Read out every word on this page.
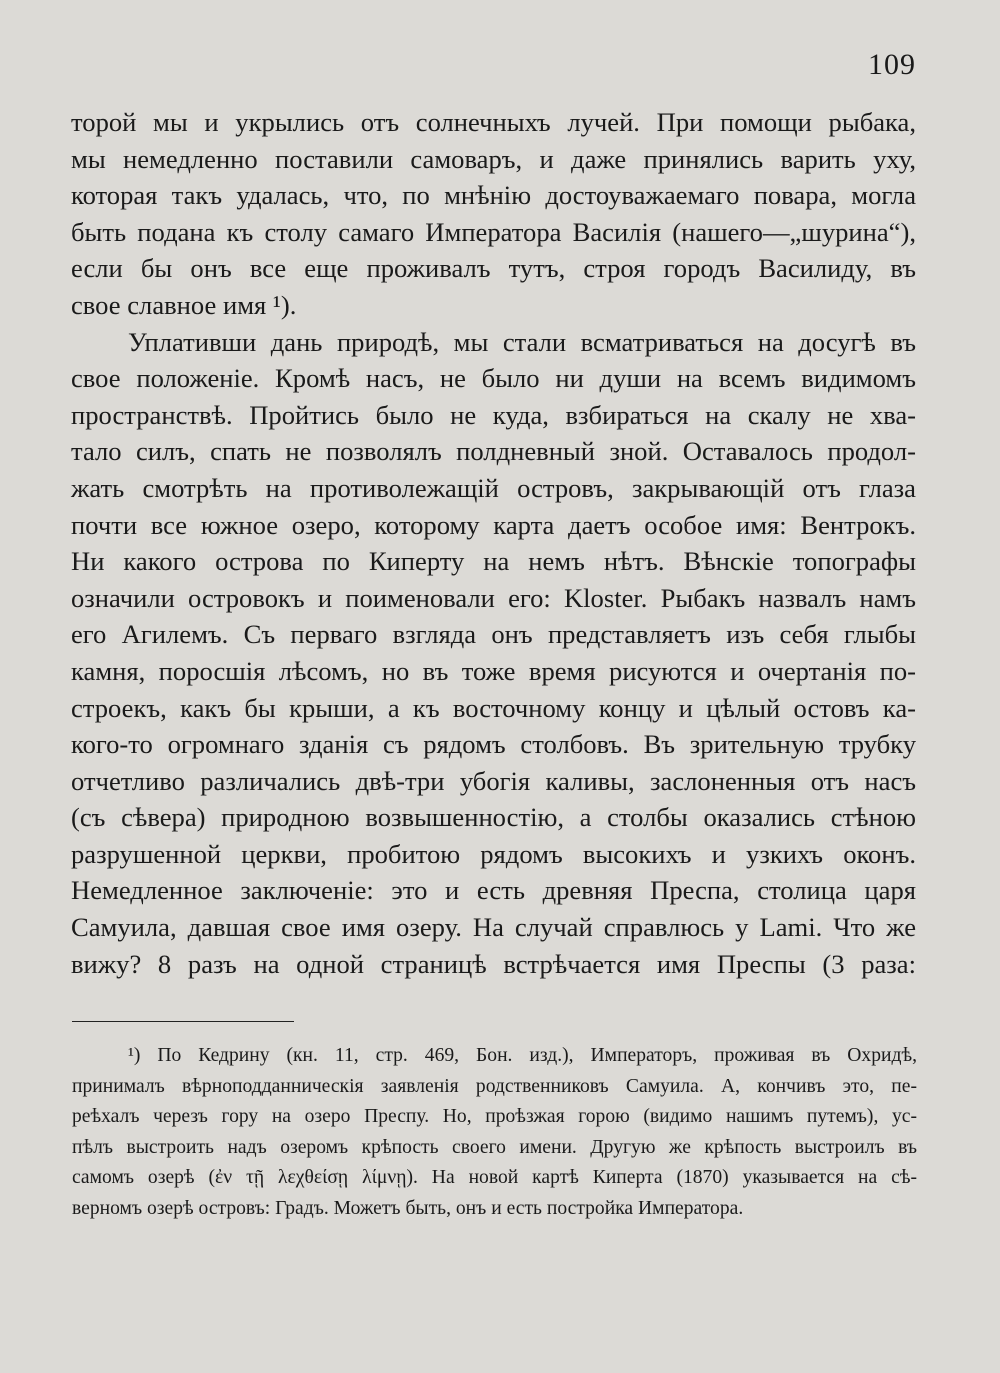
109
торой мы и укрылись отъ солнечныхъ лучей. При помощи рыбака,
мы немедленно поставили самоваръ, и даже принялись варить уху,
которая такъ удалась, что, по мнѣнію достоуважаемаго повара, могла
быть подана къ столу самаго Императора Василія (нашего—„шурина“),
если бы онъ все еще проживалъ тутъ, строя городъ Василиду, въ
свое славное имя ¹).
Уплативши дань природѣ, мы стали всматриваться на досугѣ въ
свое положеніе. Кромѣ насъ, не было ни души на всемъ видимомъ
пространствѣ. Пройтись было не куда, взбираться на скалу не хва-
тало силъ, спать не позволялъ полдневный зной. Оставалось продол-
жать смотрѣть на противолежащій островъ, закрывающій отъ глаза
почти все южное озеро, которому карта даетъ особое имя: Вентрокъ.
Ни какого острова по Киперту на немъ нѣтъ. Вѣнскіе топографы
означили островокъ и поименовали его: Kloster. Рыбакъ назвалъ намъ
его Агилемъ. Съ перваго взгляда онъ представляетъ изъ себя глыбы
камня, поросшія лѣсомъ, но въ тоже время рисуются и очертанія по-
строекъ, какъ бы крыши, а къ восточному концу и цѣлый остовъ ка-
кого-то огромнаго зданія съ рядомъ столбовъ. Въ зрительную трубку
отчетливо различались двѣ-три убогія каливы, заслоненныя отъ насъ
(съ сѣвера) природною возвышенностію, а столбы оказались стѣною
разрушенной церкви, пробитою рядомъ высокихъ и узкихъ оконъ.
Немедленное заключеніе: это и есть древняя Преспа, столица царя
Самуила, давшая свое имя озеру. На случай справлюсь у Lami. Что же
вижу? 8 разъ на одной страницѣ встрѣчается имя Преспы (3 раза:
¹) По Кедрину (кн. 11, стр. 469, Бон. изд.), Императоръ, проживая въ Охридѣ,
принималъ вѣрноподданническія заявленія родственниковъ Самуила. А, кончивъ это, пе-
реѣхалъ черезъ гору на озеро Преспу. Но, проѣзжая горою (видимо нашимъ путемъ), ус-
пѣлъ выстроить надъ озеромъ крѣпость своего имени. Другую же крѣпость выстроилъ въ
самомъ озерѣ (ἐν τῇ λεχθείσῃ λίμνῃ). На новой картѣ Киперта (1870) указывается на сѣ-
верномъ озерѣ островъ: Градъ. Можетъ быть, онъ и есть постройка Императора.
